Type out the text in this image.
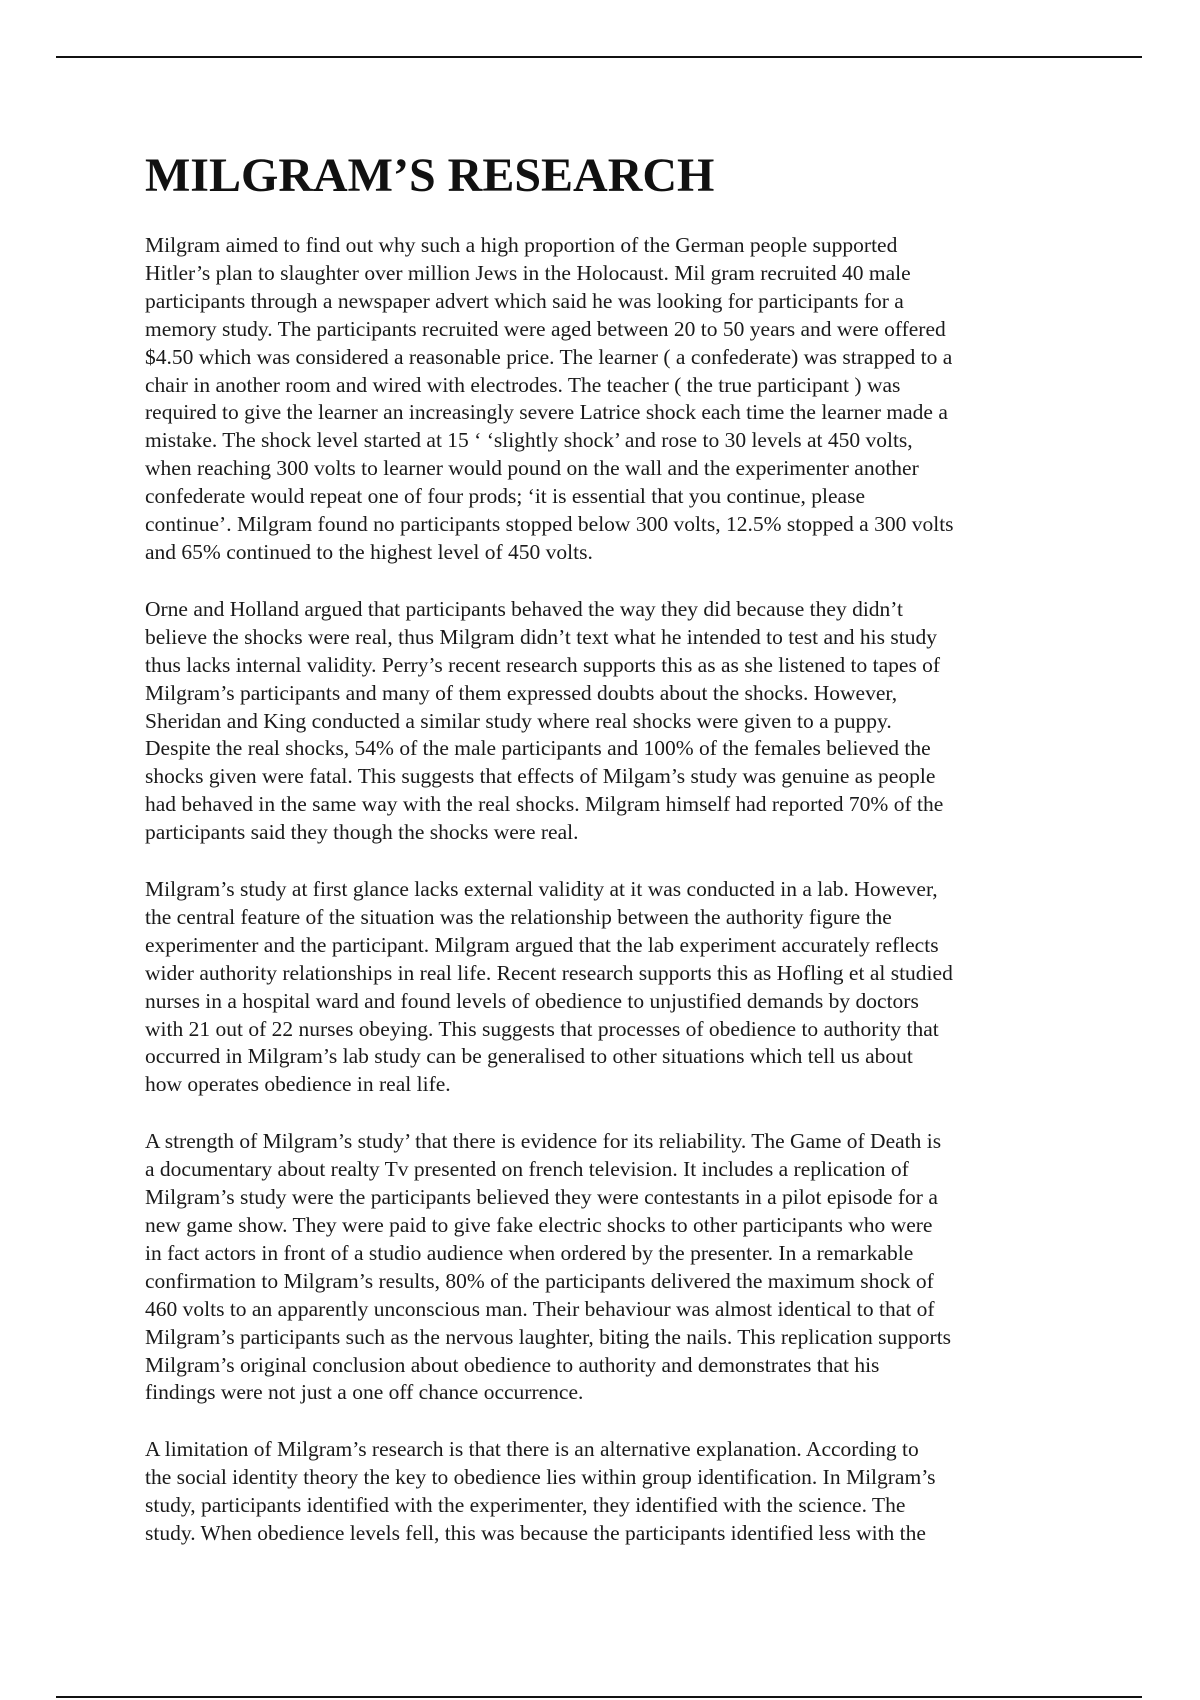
MILGRAM’S RESEARCH

Milgram aimed to find out why such a high proportion of the German people supported
Hitler’s plan to slaughter over million Jews in the Holocaust. Mil gram recruited 40 male
participants through a newspaper advert which said he was looking for participants for a
memory study. The participants recruited were aged between 20 to 50 years and were offered
$4.50 which was considered a reasonable price. The learner ( a confederate) was strapped to a
chair in another room and wired with electrodes. The teacher ( the true participant ) was
required to give the learner an increasingly severe Latrice shock each time the learner made a
mistake. The shock level started at 15 ‘ ‘slightly shock’ and rose to 30 levels at 450 volts,
when reaching 300 volts to learner would pound on the wall and the experimenter another
confederate would repeat one of four prods; ‘it is essential that you continue, please
continue’. Milgram found no participants stopped below 300 volts, 12.5% stopped a 300 volts
and 65% continued to the highest level of 450 volts.

Orne and Holland argued that participants behaved the way they did because they didn’t
believe the shocks were real, thus Milgram didn’t text what he intended to test and his study
thus lacks internal validity. Perry’s recent research supports this as as she listened to tapes of
Milgram’s participants and many of them expressed doubts about the shocks. However,
Sheridan and King conducted a similar study where real shocks were given to a puppy.
Despite the real shocks, 54% of the male participants and 100% of the females believed the
shocks given were fatal. This suggests that effects of Milgam’s study was genuine as people
had behaved in the same way with the real shocks. Milgram himself had reported 70% of the
participants said they though the shocks were real.

Milgram’s study at first glance lacks external validity at it was conducted in a lab. However,
the central feature of the situation was the relationship between the authority figure the
experimenter and the participant. Milgram argued that the lab experiment accurately reflects
wider authority relationships in real life. Recent research supports this as Hofling et al studied
nurses in a hospital ward and found levels of obedience to unjustified demands by doctors
with 21 out of 22 nurses obeying. This suggests that processes of obedience to authority that
occurred in Milgram’s lab study can be generalised to other situations which tell us about
how operates obedience in real life.

A strength of Milgram’s study’ that there is evidence for its reliability. The Game of Death is
a documentary about realty Tv presented on french television. It includes a replication of
Milgram’s study were the participants believed they were contestants in a pilot episode for a
new game show. They were paid to give fake electric shocks to other participants who were
in fact actors in front of a studio audience when ordered by the presenter. In a remarkable
confirmation to Milgram’s results, 80% of the participants delivered the maximum shock of
460 volts to an apparently unconscious man. Their behaviour was almost identical to that of
Milgram’s participants such as the nervous laughter, biting the nails. This replication supports
Milgram’s original conclusion about obedience to authority and demonstrates that his
findings were not just a one off chance occurrence.

A limitation of Milgram’s research is that there is an alternative explanation. According to
the social identity theory the key to obedience lies within group identification. In Milgram’s
study, participants identified with the experimenter, they identified with the science. The
study. When obedience levels fell, this was because the participants identified less with the
